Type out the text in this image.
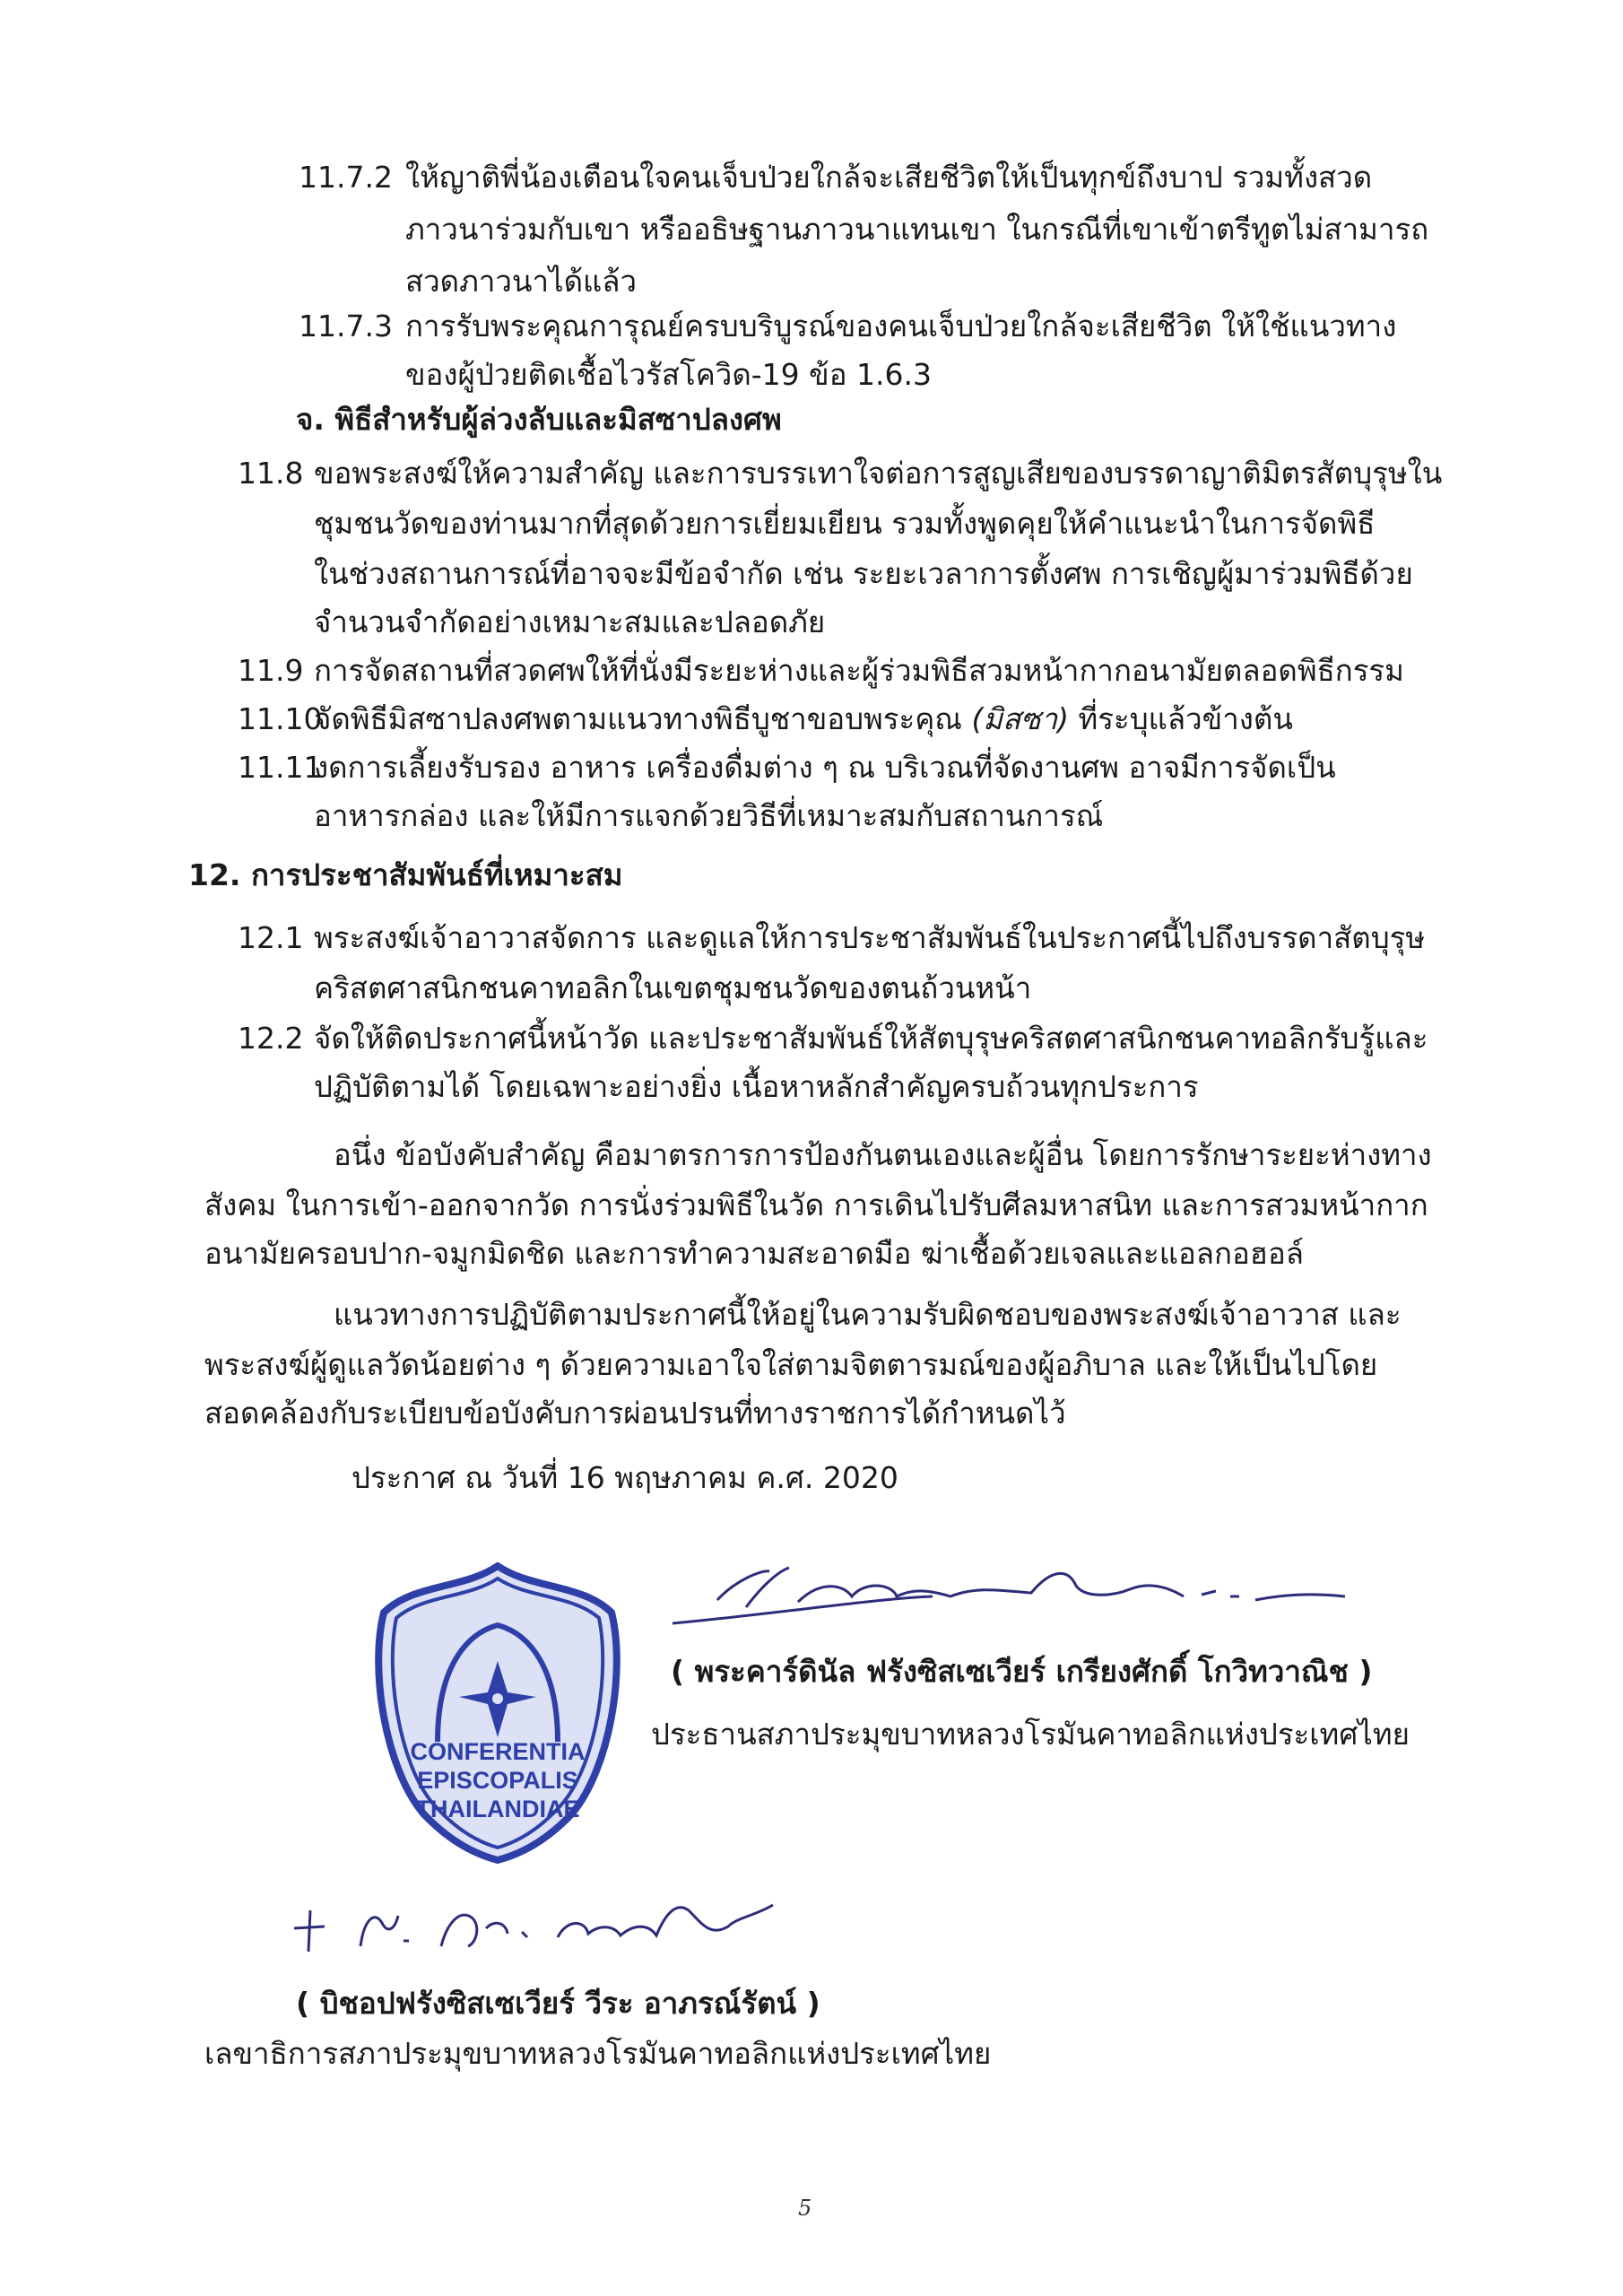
11.7.2 ให้ญาติพี่น้องเตือนใจคนเจ็บป่วยใกล้จะเสียชีวิตให้เป็นทุกข์ถึงบาป รวมทั้งสวด
ภาวนาร่วมกับเขา หรืออธิษฐานภาวนาแทนเขา ในกรณีที่เขาเข้าตรีทูตไม่สามารถ
สวดภาวนาได้แล้ว
11.7.3 การรับพระคุณการุณย์ครบบริบูรณ์ของคนเจ็บป่วยใกล้จะเสียชีวิต ให้ใช้แนวทาง
ของผู้ป่วยติดเชื้อไวรัสโควิด-19 ข้อ 1.6.3
จ. พิธีสำหรับผู้ล่วงลับและมิสซาปลงศพ
11.8 ขอพระสงฆ์ให้ความสำคัญ และการบรรเทาใจต่อการสูญเสียของบรรดาญาติมิตรสัตบุรุษใน
ชุมชนวัดของท่านมากที่สุดด้วยการเยี่ยมเยียน รวมทั้งพูดคุยให้คำแนะนำในการจัดพิธี
ในช่วงสถานการณ์ที่อาจจะมีข้อจำกัด เช่น ระยะเวลาการตั้งศพ การเชิญผู้มาร่วมพิธีด้วย
จำนวนจำกัดอย่างเหมาะสมและปลอดภัย
11.9 การจัดสถานที่สวดศพให้ที่นั่งมีระยะห่างและผู้ร่วมพิธีสวมหน้ากากอนามัยตลอดพิธีกรรม
11.10
จัดพิธีมิสซาปลงศพตามแนวทางพิธีบูชาขอบพระคุณ (มิสซา) ที่ระบุแล้วข้างต้น
11.11
งดการเลี้ยงรับรอง อาหาร เครื่องดื่มต่าง ๆ ณ บริเวณที่จัดงานศพ อาจมีการจัดเป็น
อาหารกล่อง และให้มีการแจกด้วยวิธีที่เหมาะสมกับสถานการณ์
12. การประชาสัมพันธ์ที่เหมาะสม
12.1 พระสงฆ์เจ้าอาวาสจัดการ และดูแลให้การประชาสัมพันธ์ในประกาศนี้ไปถึงบรรดาสัตบุรุษ
คริสตศาสนิกชนคาทอลิกในเขตชุมชนวัดของตนถ้วนหน้า
12.2 จัดให้ติดประกาศนี้หน้าวัด และประชาสัมพันธ์ให้สัตบุรุษคริสตศาสนิกชนคาทอลิกรับรู้และ
ปฏิบัติตามได้ โดยเฉพาะอย่างยิ่ง เนื้อหาหลักสำคัญครบถ้วนทุกประการ
อนึ่ง ข้อบังคับสำคัญ คือมาตรการการป้องกันตนเองและผู้อื่น โดยการรักษาระยะห่างทาง
สังคม ในการเข้า-ออกจากวัด การนั่งร่วมพิธีในวัด การเดินไปรับศีลมหาสนิท และการสวมหน้ากาก
อนามัยครอบปาก-จมูกมิดชิด และการทำความสะอาดมือ ฆ่าเชื้อด้วยเจลและแอลกอฮอล์
แนวทางการปฏิบัติตามประกาศนี้ให้อยู่ในความรับผิดชอบของพระสงฆ์เจ้าอาวาส และ
พระสงฆ์ผู้ดูแลวัดน้อยต่าง ๆ ด้วยความเอาใจใส่ตามจิตตารมณ์ของผู้อภิบาล และให้เป็นไปโดย
สอดคล้องกับระเบียบข้อบังคับการผ่อนปรนที่ทางราชการได้กำหนดไว้
ประกาศ ณ วันที่ 16 พฤษภาคม ค.ศ. 2020
CONFERENTIA
EPISCOPALIS
THAILANDIAE
( พระคาร์ดินัล ฟรังซิสเซเวียร์ เกรียงศักดิ์ โกวิทวาณิช )
ประธานสภาประมุขบาทหลวงโรมันคาทอลิกแห่งประเทศไทย
( บิชอปฟรังซิสเซเวียร์ วีระ อาภรณ์รัตน์ )
เลขาธิการสภาประมุขบาทหลวงโรมันคาทอลิกแห่งประเทศไทย
5
